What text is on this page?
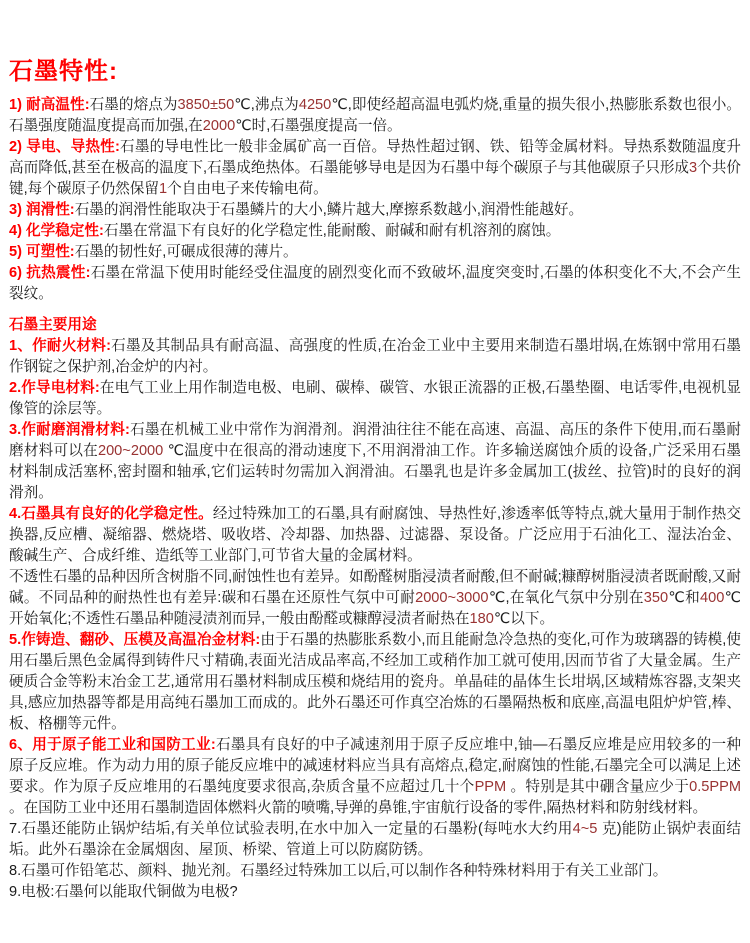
石墨特性:

1) 耐高温性:石墨的熔点为3850±50℃,沸点为4250℃,即使经超高温电弧灼烧,重量的损失很小,热膨胀系数也很小。石墨强度随温度提高而加强,在2000℃时,石墨强度提高一倍。

2) 导电、导热性:石墨的导电性比一般非金属矿高一百倍。导热性超过钢、铁、铅等金属材料。导热系数随温度升高而降低,甚至在极高的温度下,石墨成绝热体。石墨能够导电是因为石墨中每个碳原子与其他碳原子只形成3个共价键,每个碳原子仍然保留1个自由电子来传输电荷。

3) 润滑性:石墨的润滑性能取决于石墨鳞片的大小,鳞片越大,摩擦系数越小,润滑性能越好。

4) 化学稳定性:石墨在常温下有良好的化学稳定性,能耐酸、耐碱和耐有机溶剂的腐蚀。

5) 可塑性:石墨的韧性好,可碾成很薄的薄片。

6) 抗热震性:石墨在常温下使用时能经受住温度的剧烈变化而不致破坏,温度突变时,石墨的体积变化不大,不会产生裂纹。

石墨主要用途

1、作耐火材料:石墨及其制品具有耐高温、高强度的性质,在冶金工业中主要用来制造石墨坩埚,在炼钢中常用石墨作钢锭之保护剂,冶金炉的内衬。

2.作导电材料:在电气工业上用作制造电极、电刷、碳棒、碳管、水银正流器的正极,石墨垫圈、电话零件,电视机显像管的涂层等。

3.作耐磨润滑材料:石墨在机械工业中常作为润滑剂。润滑油往往不能在高速、高温、高压的条件下使用,而石墨耐磨材料可以在200~2000 ℃温度中在很高的滑动速度下,不用润滑油工作。许多输送腐蚀介质的设备,广泛采用石墨材料制成活塞杯,密封圈和轴承,它们运转时勿需加入润滑油。石墨乳也是许多金属加工(拔丝、拉管)时的良好的润滑剂。

4.石墨具有良好的化学稳定性。经过特殊加工的石墨,具有耐腐蚀、导热性好,渗透率低等特点,就大量用于制作热交换器,反应槽、凝缩器、燃烧塔、吸收塔、冷却器、加热器、过滤器、泵设备。广泛应用于石油化工、湿法冶金、酸碱生产、合成纤维、造纸等工业部门,可节省大量的金属材料。

不透性石墨的品种因所含树脂不同,耐蚀性也有差异。如酚醛树脂浸渍者耐酸,但不耐碱;糠醇树脂浸渍者既耐酸,又耐碱。不同品种的耐热性也有差异:碳和石墨在还原性气氛中可耐2000~3000℃,在氧化气氛中分别在350℃和400℃开始氧化;不透性石墨品种随浸渍剂而异,一般由酚醛或糠醇浸渍者耐热在180℃以下。

5.作铸造、翻砂、压模及高温冶金材料:由于石墨的热膨胀系数小,而且能耐急冷急热的变化,可作为玻璃器的铸模,使用石墨后黑色金属得到铸件尺寸精确,表面光洁成品率高,不经加工或稍作加工就可使用,因而节省了大量金属。生产硬质合金等粉末冶金工艺,通常用石墨材料制成压模和烧结用的瓷舟。单晶硅的晶体生长坩埚,区域精炼容器,支架夹具,感应加热器等都是用高纯石墨加工而成的。此外石墨还可作真空冶炼的石墨隔热板和底座,高温电阻炉炉管,棒、板、格棚等元件。

6、用于原子能工业和国防工业:石墨具有良好的中子减速剂用于原子反应堆中,铀—石墨反应堆是应用较多的一种原子反应堆。作为动力用的原子能反应堆中的减速材料应当具有高熔点,稳定,耐腐蚀的性能,石墨完全可以满足上述要求。作为原子反应堆用的石墨纯度要求很高,杂质含量不应超过几十个PPM 。特别是其中硼含量应少于0.5PPM 。在国防工业中还用石墨制造固体燃料火箭的喷嘴,导弹的鼻锥,宇宙航行设备的零件,隔热材料和防射线材料。

7.石墨还能防止锅炉结垢,有关单位试验表明,在水中加入一定量的石墨粉(每吨水大约用4~5 克)能防止锅炉表面结垢。此外石墨涂在金属烟囱、屋顶、桥梁、管道上可以防腐防锈。

8.石墨可作铅笔芯、颜料、抛光剂。石墨经过特殊加工以后,可以制作各种特殊材料用于有关工业部门。

9.电极:石墨何以能取代铜做为电极?
